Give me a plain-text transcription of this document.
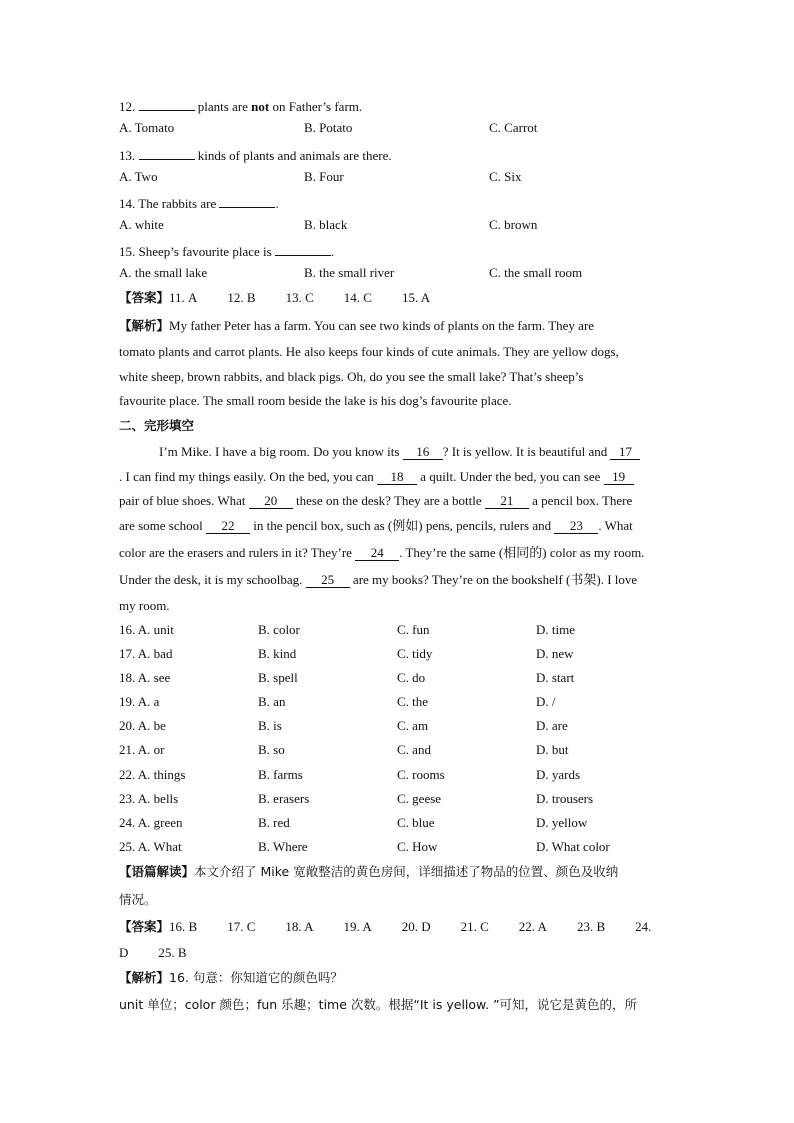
12.	plants are not on Father’s farm.
A. Tomato	B. Potato	C. Carrot
13.	kinds of plants and animals are there.
A. Two	B. Four	C. Six
14. The rabbits are	.
A. white	B. black	C. brown
15. Sheep’s favourite place is	.
A. the small lake	B. the small river	C. the small room
【答案】11. A 12. B 13. C 14. C 15. A
【解析】My father Peter has a farm. You can see two kinds of plants on the farm. They are
tomato plants and carrot plants. He also keeps four kinds of cute animals. They are yellow dogs,
white sheep, brown rabbits, and black pigs. Oh, do you see the small lake? That’s sheep’s
favourite place. The small room beside the lake is his dog’s favourite place.
二、完形填空
I’m Mike. I have a big room. Do you know its 16 ? It is yellow. It is beautiful and 17
. I can find my things easily. On the bed, you can 18 a quilt. Under the bed, you can see 19
pair of blue shoes. What 20 these on the desk? They are a bottle 21 a pencil box. There
are some school 22 in the pencil box, such as (例如) pens, pencils, rulers and 23 . What
color are the erasers and rulers in it? They’re 24 . They’re the same (相同的) color as my room.
Under the desk, it is my schoolbag. 25 are my books? They’re on the bookshelf (书架). I love
my room.
16. A. unit	B. color	C. fun	D. time
17. A. bad	B. kind	C. tidy	D. new
18. A. see	B. spell	C. do	D. start
19. A. a	B. an	C. the	D. /
20. A. be	B. is	C. am	D. are
21. A. or	B. so	C. and	D. but
22. A. things	B. farms	C. rooms	D. yards
23. A. bells	B. erasers	C. geese	D. trousers
24. A. green	B. red	C. blue	D. yellow
25. A. What	B. Where	C. How	D. What color
【语篇解读】本文介绍了 Mike 宽敞整洁的黄色房间，详细描述了物品的位置、颜色及收纳
情况。
【答案】16. B 17. C 18. A 19. A 20. D 21. C 22. A 23. B 24.
D 25. B
【解析】16. 句意：你知道它的颜色吗？
unit 单位；color 颜色；fun 乐趣；time 次数。根据“It is yellow. ”可知，说它是黄色的，所
